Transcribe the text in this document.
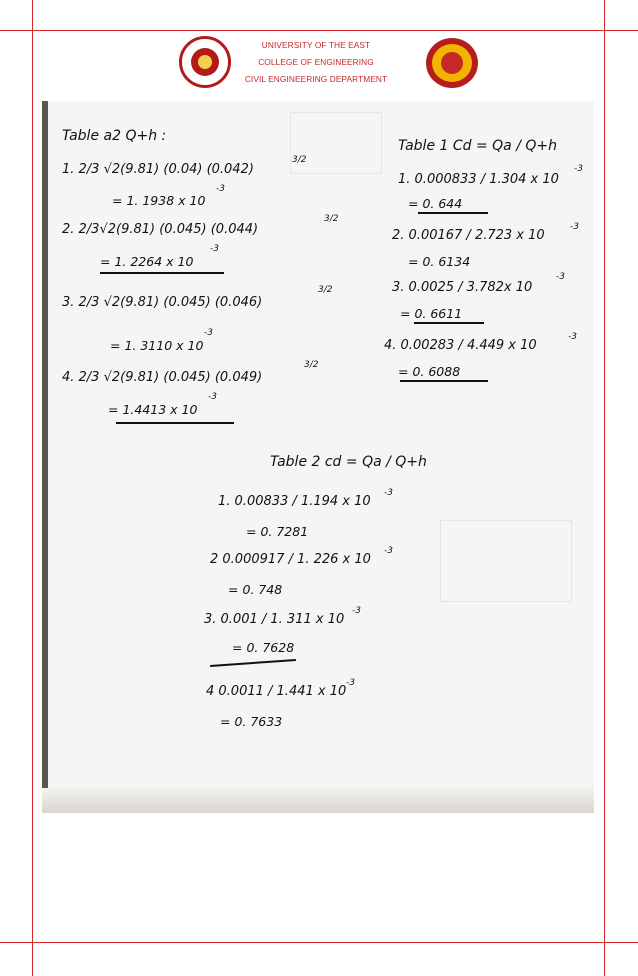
UNIVERSITY OF THE EAST
COLLEGE OF ENGINEERING
CIVIL ENGINEERING DEPARTMENT
Table a2 Q+h :
1. 2/3 √2(9.81) (0.04) (0.042)
3/2
= 1. 1938 x 10
-3
2. 2/3√2(9.81) (0.045) (0.044)
3/2
= 1. 2264 x 10
-3
3. 2/3 √2(9.81) (0.045) (0.046)
3/2
= 1. 3110 x 10
-3
4. 2/3 √2(9.81) (0.045) (0.049)
3/2
= 1.4413 x 10
-3
Table 1 Cd = Qa / Q+h
1. 0.000833 / 1.304 x 10
-3
= 0. 644
2. 0.00167 / 2.723 x 10
-3
= 0. 6134
3. 0.0025 / 3.782x 10
-3
= 0. 6611
4. 0.00283 / 4.449 x 10
-3
= 0. 6088
Table 2 cd = Qa / Q+h
1. 0.00833 / 1.194 x 10
-3
= 0. 7281
2 0.000917 / 1. 226 x 10
-3
= 0. 748
3. 0.001 / 1. 311 x 10
-3
= 0. 7628
4 0.0011 / 1.441 x 10
-3
= 0. 7633
